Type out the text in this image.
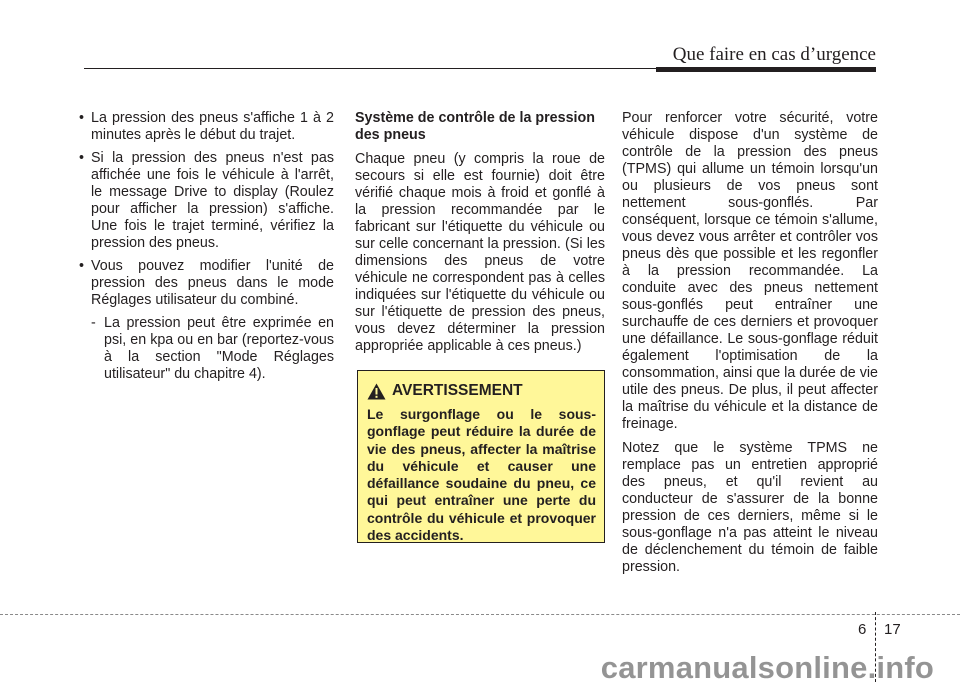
Que faire en cas d’urgence
• La pression des pneus s'affiche 1 à 2 minutes après le début du trajet.
• Si la pression des pneus n'est pas affichée une fois le véhicule à l'arrêt, le message Drive to display (Roulez pour afficher la pression) s'affiche. Une fois le trajet terminé, vérifiez la pression des pneus.
• Vous pouvez modifier l'unité de pression des pneus dans le mode Réglages utilisateur du combiné.
- La pression peut être exprimée en psi, en kpa ou en bar (reportez-vous à la section "Mode Réglages utilisateur" du chapitre 4).

Système de contrôle de la pression des pneus

Chaque pneu (y compris la roue de secours si elle est fournie) doit être vérifié chaque mois à froid et gonflé à la pression recommandée par le fabricant sur l'étiquette du véhicule ou sur celle concernant la pression. (Si les dimensions des pneus de votre véhicule ne correspondent pas à celles indiquées sur l'étiquette du véhicule ou sur l'étiquette de pression des pneus, vous devez déterminer la pression appropriée applicable à ces pneus.)

AVERTISSEMENT
Le surgonflage ou le sous-gonflage peut réduire la durée de vie des pneus, affecter la maîtrise du véhicule et causer une défaillance soudaine du pneu, ce qui peut entraîner une perte du contrôle du véhicule et provoquer des accidents.

Pour renforcer votre sécurité, votre véhicule dispose d'un système de contrôle de la pression des pneus (TPMS) qui allume un témoin lorsqu'un ou plusieurs de vos pneus sont nettement sous-gonflés. Par conséquent, lorsque ce témoin s'allume, vous devez vous arrêter et contrôler vos pneus dès que possible et les regonfler à la pression recommandée. La conduite avec des pneus nettement sous-gonflés peut entraîner une surchauffe de ces derniers et provoquer une défaillance. Le sous-gonflage réduit également l'optimisation de la consommation, ainsi que la durée de vie utile des pneus. De plus, il peut affecter la maîtrise du véhicule et la distance de freinage.

Notez que le système TPMS ne remplace pas un entretien approprié des pneus, et qu'il revient au conducteur de s'assurer de la bonne pression de ces derniers, même si le sous-gonflage n'a pas atteint le niveau de déclenchement du témoin de faible pression.

6 17
carmanualsonline.info
